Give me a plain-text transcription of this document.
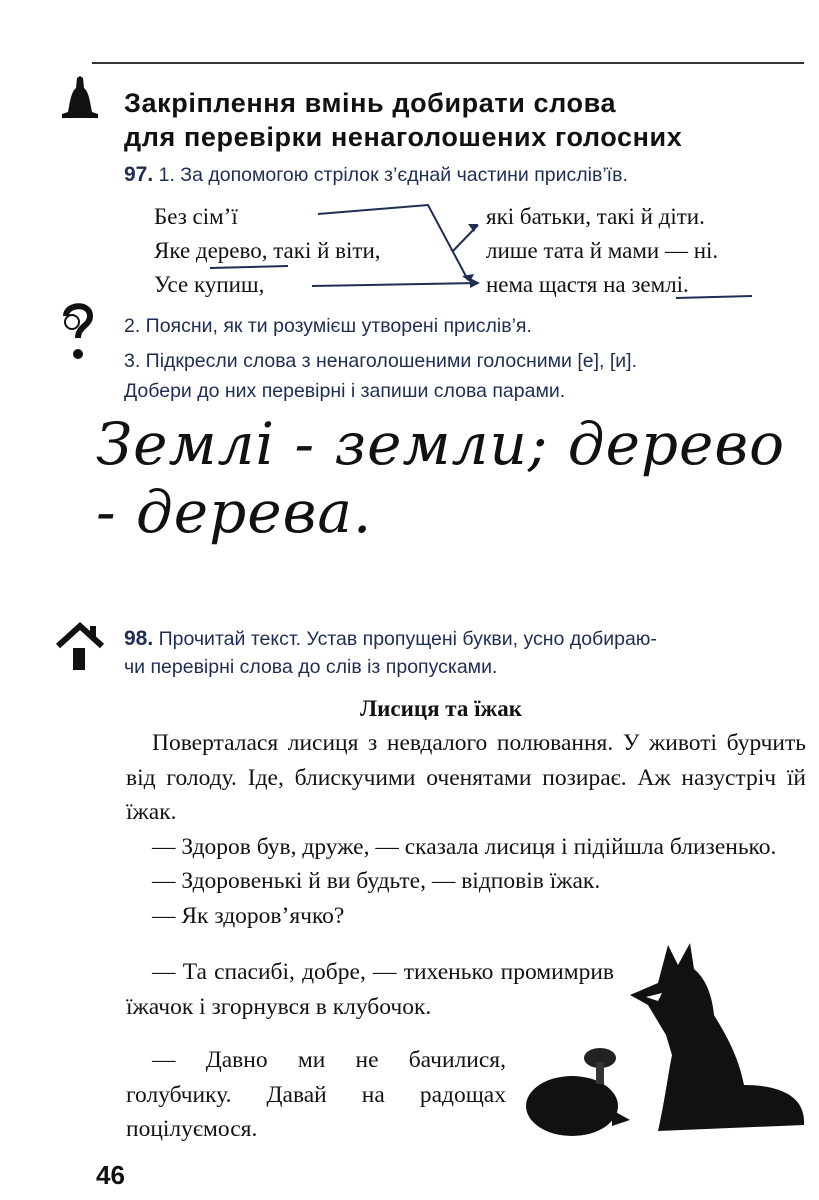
Закріплення вмінь добирати слова
для перевірки ненаголошених голосних
97. 1. За допомогою стрілок з’єднай частини прислів’їв.
Без сім’ї
Яке дерево, такі й віти,
Усе купиш,
які батьки, такі й діти.
лише тата й мами — ні.
нема щастя на землі.
2. Поясни, як ти розумієш утворені прислів’я.
3. Підкресли слова з ненаголошеними голосними [е], [и].
Добери до них перевірні і запиши слова парами.
Землі - земли; дерево - дерева.
98. Прочитай текст. Устав пропущені букви, усно добираю-
чи перевірні слова до слів із пропусками.
Лисиця та їжак

Поверталася лисиця з невдалого полювання. У животі бурчить від голоду. Іде, блискучими оченятами позирає. Аж назустріч їй їжак.

— Здоров був, друже, — сказала лисиця і підійшла близенько.

— Здоровенькі й ви будьте, — відповів їжак.

— Як здоров’ячко?

— Та спасибі, добре, — тихенько промимрив їжачок і згорнувся в клубочок.

— Давно ми не бачилися, голубчику. Давай на радощах поцілуємося.

46
